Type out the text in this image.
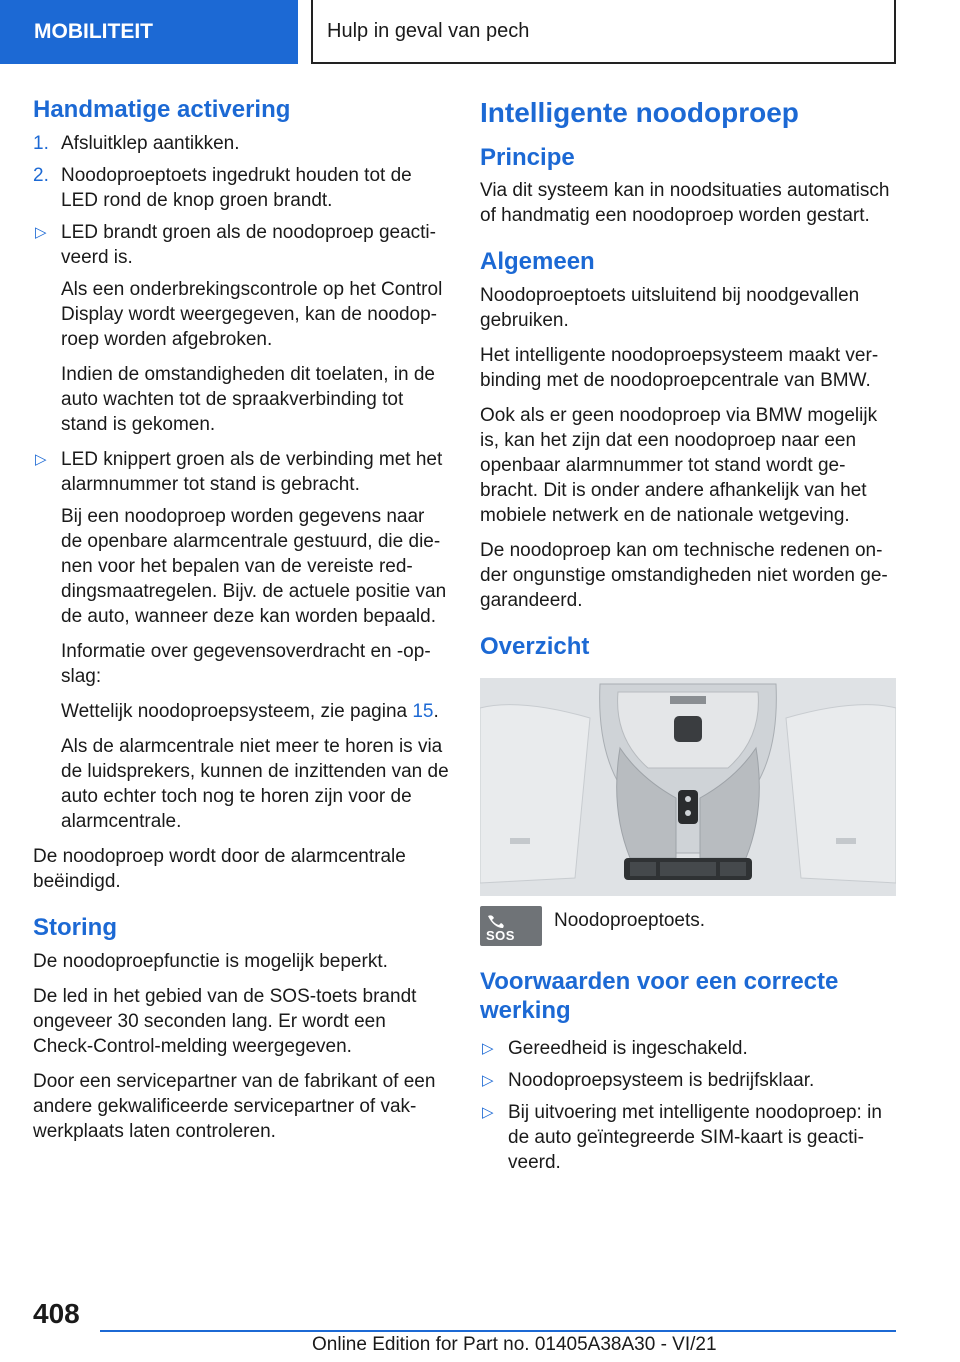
MOBILITEIT	Hulp in geval van pech
Handmatige activering
1. Afsluitklep aantikken.
2. Noodoproeptoets ingedrukt houden tot de LED rond de knop groen brandt.
▷ LED brandt groen als de noodoproep geacti-veerd is.

Als een onderbrekingscontrole op het Control Display wordt weergegeven, kan de noodop-roep worden afgebroken.

Indien de omstandigheden dit toelaten, in de auto wachten tot de spraakverbinding tot stand is gekomen.

▷ LED knippert groen als de verbinding met het alarmnummer tot stand is gebracht.

Bij een noodoproep worden gegevens naar de openbare alarmcentrale gestuurd, die die-nen voor het bepalen van de vereiste red-dingsmaatregelen. Bijv. de actuele positie van de auto, wanneer deze kan worden bepaald.

Informatie over gegevensoverdracht en -op-slag:

Wettelijk noodoproepsysteem, zie pagina 15.

Als de alarmcentrale niet meer te horen is via de luidsprekers, kunnen de inzittenden van de auto echter toch nog te horen zijn voor de alarmcentrale.

De noodoproep wordt door de alarmcentrale beëindigd.

Storing

De noodoproepfunctie is mogelijk beperkt.

De led in het gebied van de SOS-toets brandt ongeveer 30 seconden lang. Er wordt een Check-Control-melding weergegeven.

Door een servicepartner van de fabrikant of een andere gekwalificeerde servicepartner of vak-werkplaats laten controleren.

Intelligente noodoproep
Principe

Via dit systeem kan in noodsituaties automatisch of handmatig een noodoproep worden gestart.

Algemeen

Noodoproeptoets uitsluitend bij noodgevallen gebruiken.

Het intelligente noodoproepsysteem maakt ver-binding met de noodoproepcentrale van BMW.

Ook als er geen noodoproep via BMW mogelijk is, kan het zijn dat een noodoproep naar een openbaar alarmnummer tot stand wordt ge-bracht. Dit is onder andere afhankelijk van het mobiele netwerk en de nationale wetgeving.

De noodoproep kan om technische redenen on-der ongunstige omstandigheden niet worden ge-garandeerd.

Overzicht
SOS

Noodoproeptoets.

Voorwaarden voor een correcte werking
▷ Gereedheid is ingeschakeld.
▷ Noodoproepsysteem is bedrijfsklaar.
▷ Bij uitvoering met intelligente noodoproep: in de auto geïntegreerde SIM-kaart is geacti-veerd.
408
Online Edition for Part no. 01405A38A30 - VI/21
